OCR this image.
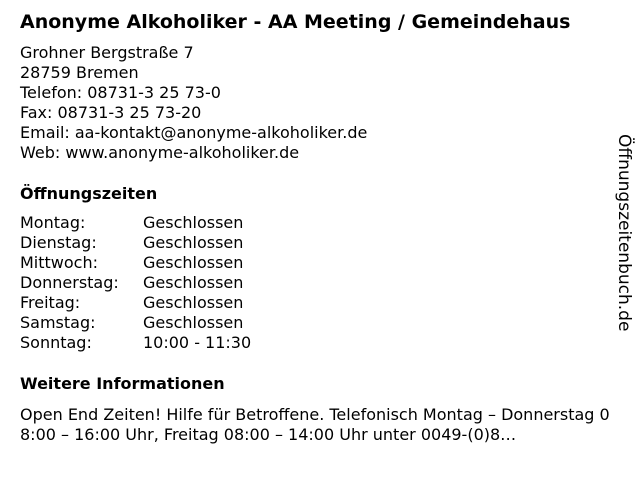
Anonyme Alkoholiker - AA Meeting / Gemeindehaus
Grohner Bergstraße 7
28759 Bremen
Telefon: 08731-3 25 73-0
Fax: 08731-3 25 73-20
Email: aa-kontakt@anonyme-alkoholiker.de
Web: www.anonyme-alkoholiker.de
Öffnungszeiten
Montag:	Geschlossen
Dienstag:	Geschlossen
Mittwoch:	Geschlossen
Donnerstag: Geschlossen
Freitag:	Geschlossen
Samstag:	Geschlossen
Sonntag:	10:00 - 11:30
Weitere Informationen
Open End Zeiten! Hilfe für Betroffene. Telefonisch Montag – Donnerstag 08:00 – 16:00 Uhr, Freitag 08:00 – 14:00 Uhr unter 0049-(0)8…
Öffnungszeitenbuch.de
